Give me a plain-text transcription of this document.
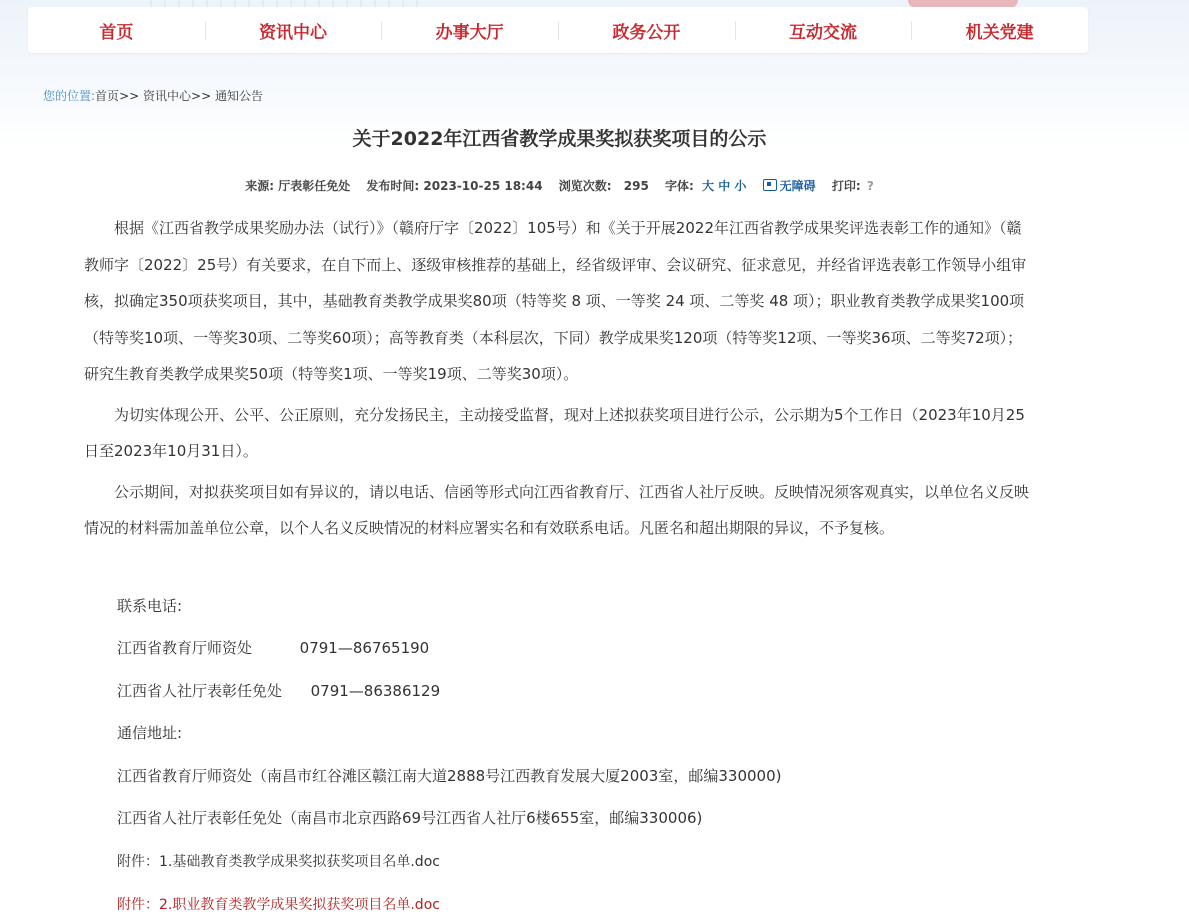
首页	资讯中心	办事大厅	政务公开	互动交流	机关党建
您的位置:首页>> 资讯中心>> 通知公告
关于2022年江西省教学成果奖拟获奖项目的公示
来源: 厅表彰任免处 发布时间: 2023-10-25 18:44 浏览次数: 295 字体: 大 中 小	无障碍 打印: ?

根据《江西省教学成果奖励办法（试行）》（赣府厅字〔2022〕105号）和《关于开展2022年江西省教学成果奖评选表彰工作的通知》（赣教师字〔2022〕25号）有关要求，在自下而上、逐级审核推荐的基础上，经省级评审、会议研究、征求意见，并经省评选表彰工作领导小组审核，拟确定350项获奖项目，其中，基础教育类教学成果奖80项（特等奖 8 项、一等奖 24 项、二等奖 48 项）；职业教育类教学成果奖100项（特等奖10项、一等奖30项、二等奖60项）；高等教育类（本科层次，下同）教学成果奖120项（特等奖12项、一等奖36项、二等奖72项）；研究生教育类教学成果奖50项（特等奖1项、一等奖19项、二等奖30项）。

为切实体现公开、公平、公正原则，充分发扬民主，主动接受监督，现对上述拟获奖项目进行公示，公示期为5个工作日（2023年10月25日至2023年10月31日）。

公示期间，对拟获奖项目如有异议的，请以电话、信函等形式向江西省教育厅、江西省人社厅反映。反映情况须客观真实，以单位名义反映情况的材料需加盖单位公章，以个人名义反映情况的材料应署实名和有效联系电话。凡匿名和超出期限的异议，不予复核。

联系电话:
江西省教育厅师资处          0791—86765190
江西省人社厅表彰任免处      0791—86386129
通信地址:
江西省教育厅师资处（南昌市红谷滩区赣江南大道2888号江西教育发展大厦2003室，邮编330000)
江西省人社厅表彰任免处（南昌市北京西路69号江西省人社厅6楼655室，邮编330006)
附件：1.基础教育类教学成果奖拟获奖项目名单.doc
附件：2.职业教育类教学成果奖拟获奖项目名单.doc
